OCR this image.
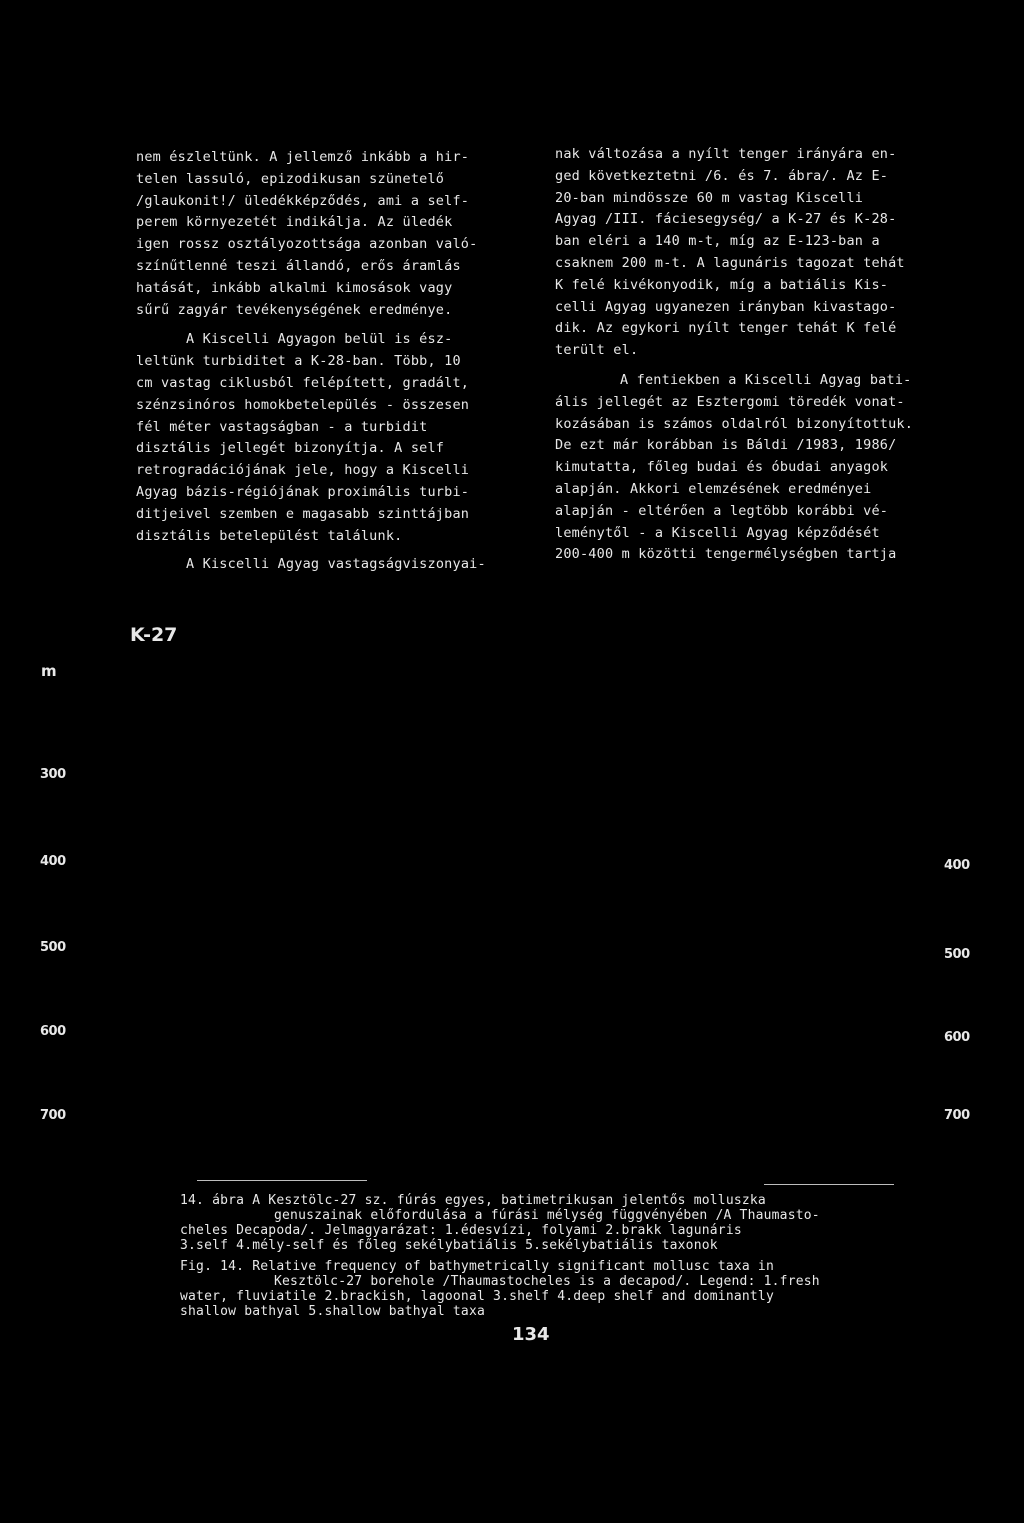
nem észleltünk. A jellemző inkább a hir-
telen lassuló, epizodikusan szünetelő
/glaukonit!/ üledékképződés, ami a self-
perem környezetét indikálja. Az üledék
igen rossz osztályozottsága azonban való-
színűtlenné teszi állandó, erős áramlás
hatását, inkább alkalmi kimosások vagy
sűrű zagyár tevékenységének eredménye.

A Kiscelli Agyagon belül is ész-
leltünk turbiditet a K-28-ban. Több, 10
cm vastag ciklusból felépített, gradált,
szénzsinóros homokbetelepülés - összesen
fél méter vastagságban - a turbidit
disztális jellegét bizonyítja. A self
retrogradációjának jele, hogy a Kiscelli
Agyag bázis-régiójának proximális turbi-
ditjeivel szemben e magasabb szinttájban
disztális betelepülést találunk.

A Kiscelli Agyag vastagságviszonyai-

nak változása a nyílt tenger irányára en-
ged következtetni /6. és 7. ábra/. Az E-
20-ban mindössze 60 m vastag Kiscelli
Agyag /III. fáciesegység/ a K-27 és K-28-
ban eléri a 140 m-t, míg az E-123-ban a
csaknem 200 m-t. A lagunáris tagozat tehát
K felé kivékonyodik, míg a batiális Kis-
celli Agyag ugyanezen irányban kivastago-
dik. Az egykori nyílt tenger tehát K felé
terült el.

A fentiekben a Kiscelli Agyag bati-
ális jellegét az Esztergomi töredék vonat-
kozásában is számos oldalról bizonyítottuk.
De ezt már korábban is Báldi /1983, 1986/
kimutatta, főleg budai és óbudai anyagok
alapján. Akkori elemzésének eredményei
alapján - eltérően a legtöbb korábbi vé-
leménytől - a Kiscelli Agyag képződését
200-400 m közötti tengermélységben tartja

K-27
m
300
400
500
600
700
400
500
600
700
14. ábra A Kesztölc-27 sz. fúrás egyes, batimetrikusan jelentős molluszka
genuszainak előfordulása a fúrási mélység függvényében /A Thaumasto-
cheles Decapoda/. Jelmagyarázat: 1.édesvízi, folyami 2.brakk lagunáris
3.self 4.mély-self és főleg sekélybatiális 5.sekélybatiális taxonok
Fig. 14. Relative frequency of bathymetrically significant mollusc taxa in
Kesztölc-27 borehole /Thaumastocheles is a decapod/. Legend: 1.fresh
water, fluviatile 2.brackish, lagoonal 3.shelf 4.deep shelf and dominantly
shallow bathyal 5.shallow bathyal taxa
134
